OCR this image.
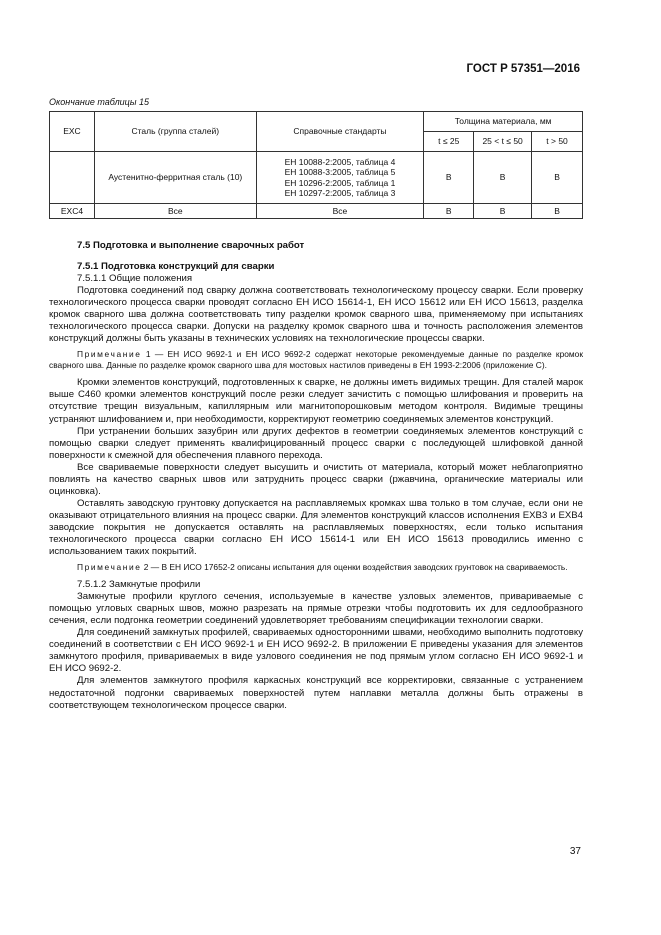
ГОСТ Р 57351—2016
Окончание таблицы 15
EXC	Сталь (группа сталей)	Справочные стандарты	Толщина материала, мм		
			t ≤ 25	25 < t ≤ 50	t > 50
	Аустенитно-ферритная сталь (10)	ЕН 10088-2:2005, таблица 4
ЕН 10088-3:2005, таблица 5
ЕН 10296-2:2005, таблица 1
ЕН 10297-2:2005, таблица 3	B	B	B
EXC4	Все	Все	B	B	B

7.5 Подготовка и выполнение сварочных работ

7.5.1 Подготовка конструкций для сварки

7.5.1.1 Общие положения

Подготовка соединений под сварку должна соответствовать технологическому процессу сварки. Если проверку технологического процесса сварки проводят согласно ЕН ИСО 15614-1, ЕН ИСО 15612 или ЕН ИСО 15613, разделка кромок сварного шва должна соответствовать типу разделки кромок сварного шва, применяемому при испытаниях технологического процесса сварки. Допуски на разделку кромок сварного шва и точность расположения элементов конструкций должны быть указаны в технических условиях на технологические процессы сварки.

Примечание 1 — ЕН ИСО 9692-1 и ЕН ИСО 9692-2 содержат некоторые рекомендуемые данные по разделке кромок сварного шва. Данные по разделке кромок сварного шва для мостовых настилов приведены в ЕН 1993-2:2006 (приложение С).

Кромки элементов конструкций, подготовленных к сварке, не должны иметь видимых трещин. Для сталей марок выше С460 кромки элементов конструкций после резки следует зачистить с помощью шлифования и проверить на отсутствие трещин визуальным, капиллярным или магнитопорошковым методом контроля. Видимые трещины устраняют шлифованием и, при необходимости, корректируют геометрию соединяемых элементов конструкций.

При устранении больших зазубрин или других дефектов в геометрии соединяемых элементов конструкций с помощью сварки следует применять квалифицированный процесс сварки с последующей шлифовкой данной поверхности к смежной для обеспечения плавного перехода.

Все свариваемые поверхности следует высушить и очистить от материала, который может неблагоприятно повлиять на качество сварных швов или затруднить процесс сварки (ржавчина, органические материалы или оцинковка).

Оставлять заводскую грунтовку допускается на расплавляемых кромках шва только в том случае, если они не оказывают отрицательного влияния на процесс сварки. Для элементов конструкций классов исполнения EXB3 и EXB4 заводские покрытия не допускается оставлять на расплавляемых поверхностях, если только испытания технологического процесса сварки согласно ЕН ИСО 15614-1 или ЕН ИСО 15613 проводились именно с использованием таких покрытий.

Примечание 2 — В ЕН ИСО 17652-2 описаны испытания для оценки воздействия заводских грунтовок на свариваемость.

7.5.1.2 Замкнутые профили

Замкнутые профили круглого сечения, используемые в качестве узловых элементов, привариваемые с помощью угловых сварных швов, можно разрезать на прямые отрезки чтобы подготовить их для седлообразного сечения, если подгонка геометрии соединений удовлетворяет требованиям спецификации технологии сварки.

Для соединений замкнутых профилей, свариваемых односторонними швами, необходимо выполнить подготовку соединений в соответствии с ЕН ИСО 9692-1 и ЕН ИСО 9692-2. В приложении Е приведены указания для элементов замкнутого профиля, привариваемых в виде узлового соединения не под прямым углом согласно ЕН ИСО 9692-1 и ЕН ИСО 9692-2.

Для элементов замкнутого профиля каркасных конструкций все корректировки, связанные с устранением недостаточной подгонки свариваемых поверхностей путем наплавки металла должны быть отражены в соответствующем технологическом процессе сварки.

37
